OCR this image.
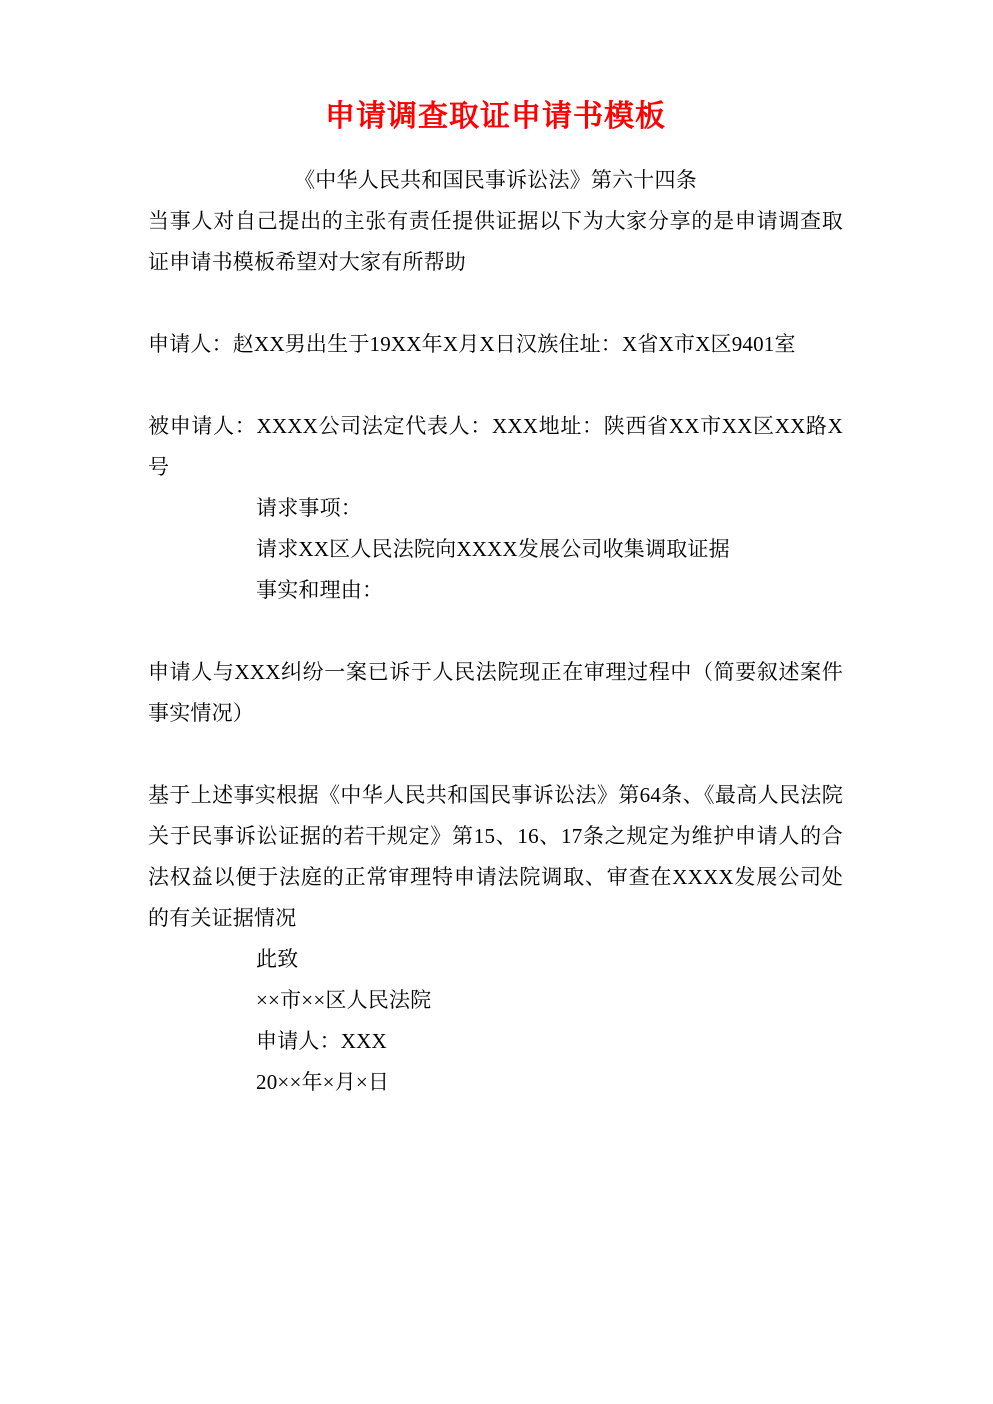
申请调查取证申请书模板

《中华人民共和国民事诉讼法》第六十四条

当事人对自己提出的主张有责任提供证据以下为大家分享的是申请调查取证申请书模板希望对大家有所帮助

申请人：赵XX男出生于19XX年X月X日汉族住址：X省X市X区9401室

被申请人：XXXX公司法定代表人：XXX地址：陕西省XX市XX区XX路X号

请求事项：

请求XX区人民法院向XXXX发展公司收集调取证据

事实和理由：

申请人与XXX纠纷一案已诉于人民法院现正在审理过程中（简要叙述案件事实情况）

基于上述事实根据《中华人民共和国民事诉讼法》第64条、《最高人民法院关于民事诉讼证据的若干规定》第15、16、17条之规定为维护申请人的合法权益以便于法庭的正常审理特申请法院调取、审查在XXXX发展公司处的有关证据情况

此致

××市××区人民法院

申请人：XXX

20××年×月×日
